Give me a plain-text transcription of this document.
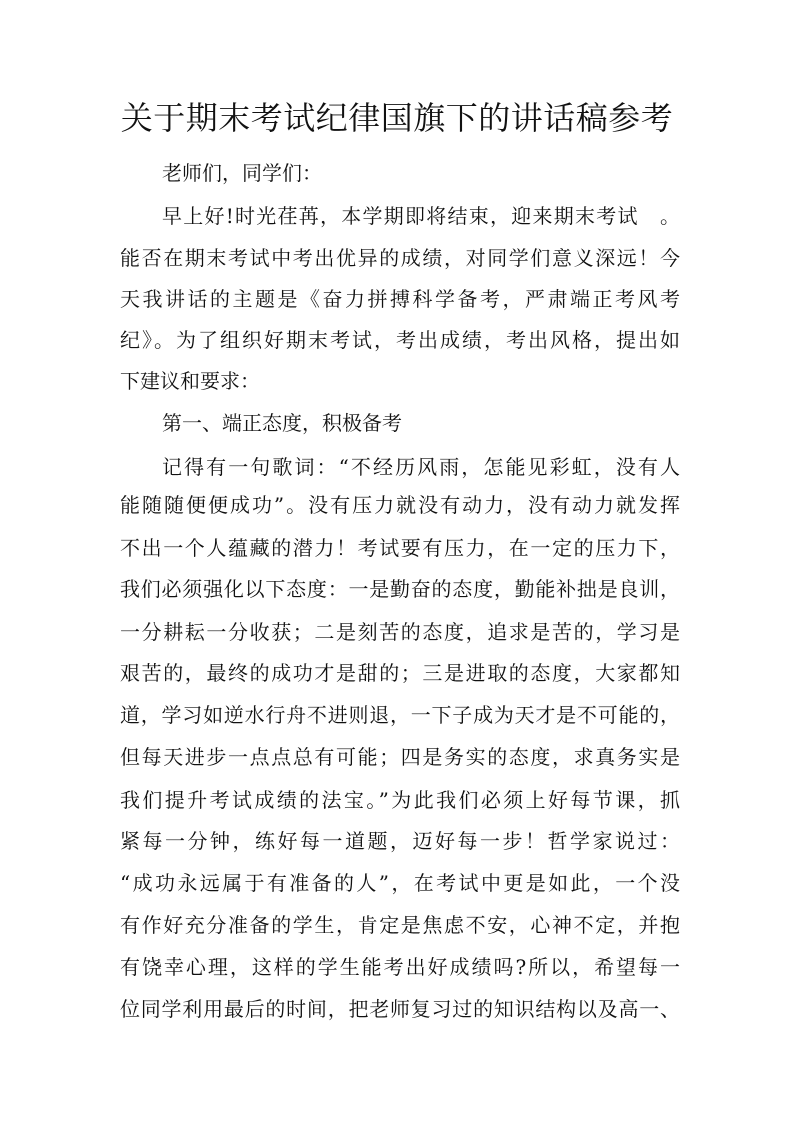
关于期末考试纪律国旗下的讲话稿参考
老师们，同学们：
早上好!时光荏苒，本学期即将结束，迎来期末考试　。
能否在期末考试中考出优异的成绩，对同学们意义深远！今
天我讲话的主题是《奋力拼搏科学备考，严肃端正考风考
纪》。为了组织好期末考试，考出成绩，考出风格，提出如
下建议和要求：
第一、端正态度，积极备考
记得有一句歌词：“不经历风雨，怎能见彩虹，没有人
能随随便便成功”。没有压力就没有动力，没有动力就发挥
不出一个人蕴藏的潜力！考试要有压力，在一定的压力下，
我们必须强化以下态度：一是勤奋的态度，勤能补拙是良训，
一分耕耘一分收获；二是刻苦的态度，追求是苦的，学习是
艰苦的，最终的成功才是甜的；三是进取的态度，大家都知
道，学习如逆水行舟不进则退，一下子成为天才是不可能的，
但每天进步一点点总有可能；四是务实的态度，求真务实是
我们提升考试成绩的法宝。”为此我们必须上好每节课，抓
紧每一分钟，练好每一道题，迈好每一步！哲学家说过：
“成功永远属于有准备的人”，在考试中更是如此，一个没
有作好充分准备的学生，肯定是焦虑不安，心神不定，并抱
有饶幸心理，这样的学生能考出好成绩吗?所以，希望每一
位同学利用最后的时间，把老师复习过的知识结构以及高一、
